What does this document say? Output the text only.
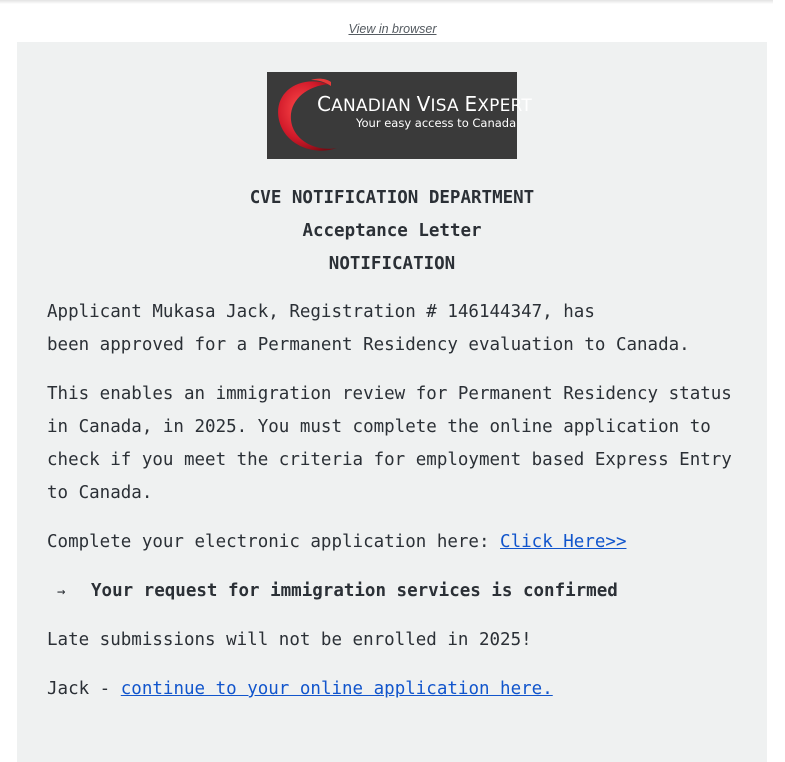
View in browser
CANADIAN VISA EXPERT
Your easy access to Canada
CVE NOTIFICATION DEPARTMENT
Acceptance Letter
NOTIFICATION
Applicant Mukasa Jack, Registration # 146144347, has
been approved for a Permanent Residency evaluation to Canada.
This enables an immigration review for Permanent Residency status in Canada, in 2025. You must complete the online application to check if you meet the criteria for employment based Express Entry to Canada.
Complete your electronic application here: Click Here>>
→ Your request for immigration services is confirmed
Late submissions will not be enrolled in 2025!
Jack - continue to your online application here.
